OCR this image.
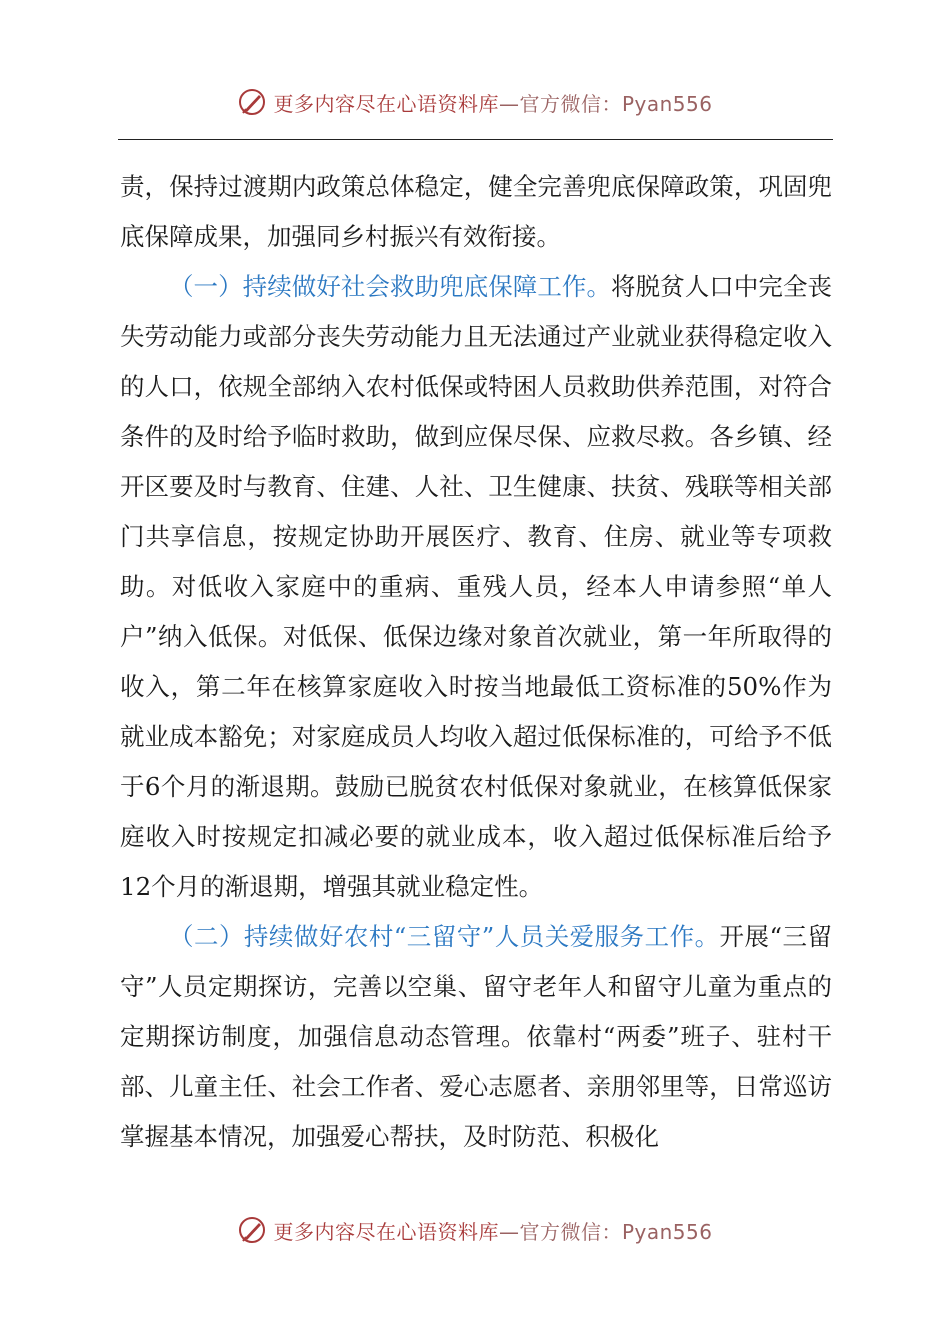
更多内容尽在心语资料库 —官方微信：Pyan556

责，保持过渡期内政策总体稳定，健全完善兜底保障政策，巩固兜底保障成果，加强同乡村振兴有效衔接。

（一）持续做好社会救助兜底保障工作。将脱贫人口中完全丧失劳动能力或部分丧失劳动能力且无法通过产业就业获得稳定收入的人口，依规全部纳入农村低保或特困人员救助供养范围，对符合条件的及时给予临时救助，做到应保尽保、应救尽救。各乡镇、经开区要及时与教育、住建、人社、卫生健康、扶贫、残联等相关部门共享信息，按规定协助开展医疗、教育、住房、就业等专项救助。对低收入家庭中的重病、重残人员，经本人申请参照“单人户”纳入低保。对低保、低保边缘对象首次就业，第一年所取得的收入，第二年在核算家庭收入时按当地最低工资标准的50%作为就业成本豁免；对家庭成员人均收入超过低保标准的，可给予不低于6个月的渐退期。鼓励已脱贫农村低保对象就业，在核算低保家庭收入时按规定扣减必要的就业成本，收入超过低保标准后给予12个月的渐退期，增强其就业稳定性。

（二）持续做好农村“三留守”人员关爱服务工作。开展“三留守”人员定期探访，完善以空巢、留守老年人和留守儿童为重点的定期探访制度，加强信息动态管理。依靠村“两委”班子、驻村干部、儿童主任、社会工作者、爱心志愿者、亲朋邻里等，日常巡访掌握基本情况，加强爱心帮扶，及时防范、积极化

更多内容尽在心语资料库 —官方微信：Pyan556
